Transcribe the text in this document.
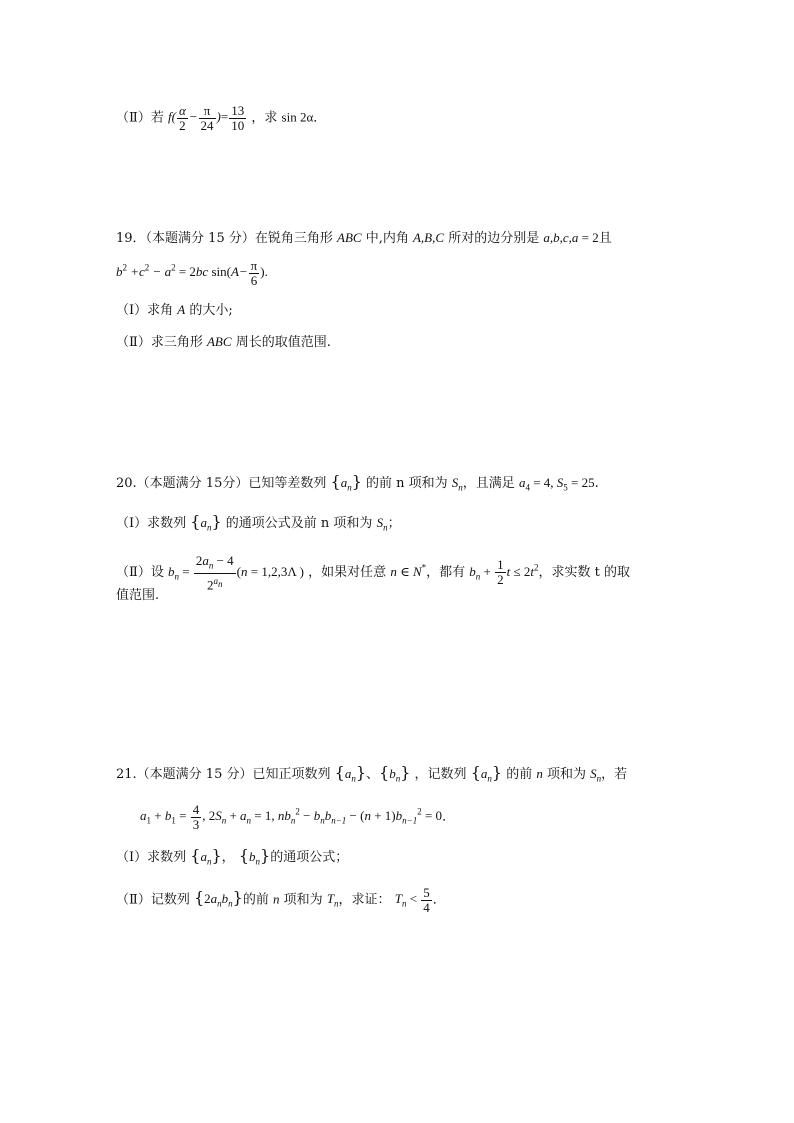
（Ⅱ）若 $f( \frac{\alpha}{2} - \frac{\pi}{24}$ )= $\frac{13}{10}$ ，求 sin 2α．
19．（本题满分 15 分）在锐角三角形 ABC 中,内角 A,B,C 所对的边分别是 a,b,c,a = 2且
$b^2 +c^2 - a^2 = 2bc$ $\sin(A- \frac{\pi}{6}$ ).
（Ⅰ）求角 A 的大小;
（Ⅱ）求三角形 ABC 周长的取值范围.
20.（本题满分 15分）已知等差数列 $\{a_n\}$ 的前 n 项和为 $S_n$，且满足 $a_4 = 4$, $S_5 = 25$.
（Ⅰ）求数列 $\{a_n\}$ 的通项公式及前 n 项和为 $S_n$；
（Ⅱ）设 $b_n = \frac{2a_n - 4}{2^{a_n}} (n = 1,2,3\Lambda$ ) ，如果对任意 n ∈ N*，都有 $b_n + \frac{1}{2}$ $t \le 2t^2$，求实数 t 的取
值范围.
21.（本题满分 15 分）已知正项数列 $\{a_n\}$、$\{b_n\}$ ，记数列 $\{a_n\}$ 的前 n 项和为 $S_n$，若
$a_1 + b_1 = \frac{4}{3}$ , $2S_n + a_n = 1$, $nb_n^2 - b_nb_{n-1} - (n + 1)b_{n-1}^2 = 0$．
（Ⅰ）求数列 $\{a_n\}$， $\{b_n\}$的通项公式；
（Ⅱ）记数列 $\{2a_nb_n\}$的前 n 项和为 $T_n$，求证： $T_n < \frac{5}{4}$ ．
